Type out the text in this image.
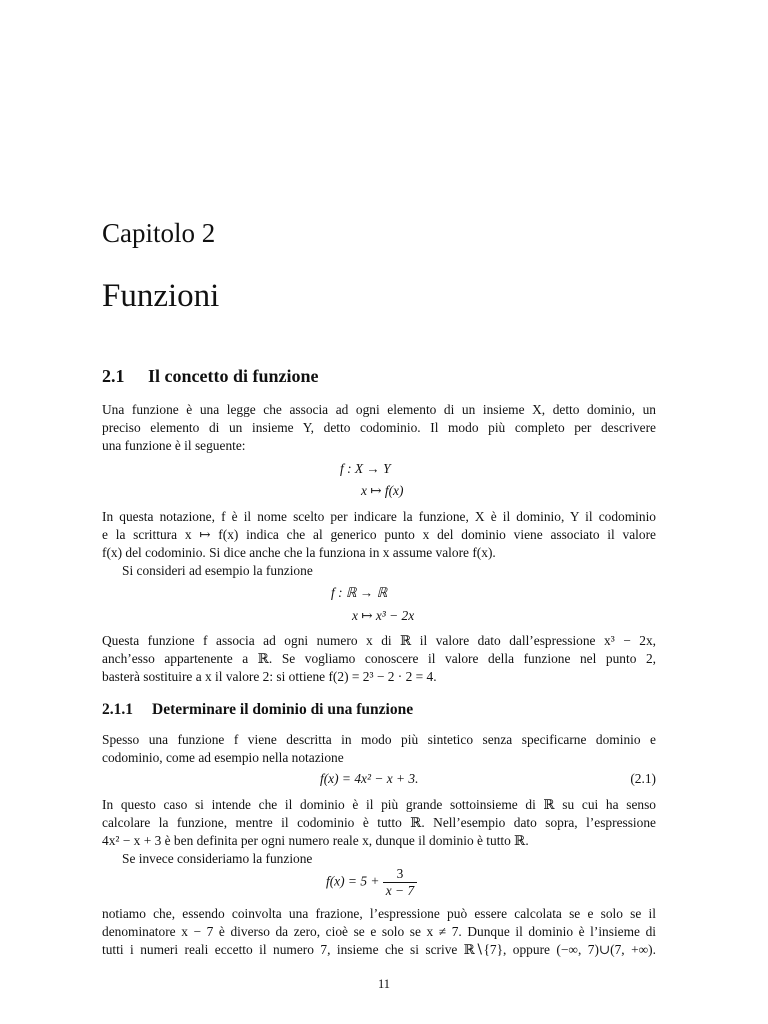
Capitolo 2
Funzioni
2.1 Il concetto di funzione
Una funzione è una legge che associa ad ogni elemento di un insieme X, detto dominio, un
preciso elemento di un insieme Y, detto codominio. Il modo più completo per descrivere
una funzione è il seguente:
f : X → Y
x ↦ f(x)
In questa notazione, f è il nome scelto per indicare la funzione, X è il dominio, Y il codominio
e la scrittura x ↦ f(x) indica che al generico punto x del dominio viene associato il valore
f(x) del codominio. Si dice anche che la funziona in x assume valore f(x).
Si consideri ad esempio la funzione
f : ℝ → ℝ
x ↦ x³ − 2x
Questa funzione f associa ad ogni numero x di ℝ il valore dato dall’espressione x³ − 2x,
anch’esso appartenente a ℝ. Se vogliamo conoscere il valore della funzione nel punto 2,
basterà sostituire a x il valore 2: si ottiene f(2) = 2³ − 2 · 2 = 4.
2.1.1 Determinare il dominio di una funzione
Spesso una funzione f viene descritta in modo più sintetico senza specificarne dominio e
codominio, come ad esempio nella notazione
f(x) = 4x² − x + 3.	(2.1)
In questo caso si intende che il dominio è il più grande sottoinsieme di ℝ su cui ha senso
calcolare la funzione, mentre il codominio è tutto ℝ. Nell’esempio dato sopra, l’espressione
4x² − x + 3 è ben definita per ogni numero reale x, dunque il dominio è tutto ℝ.
Se invece consideriamo la funzione
$f(x) = 5 + \frac{3}{x - 7}$
notiamo che, essendo coinvolta una frazione, l’espressione può essere calcolata se e solo se il
denominatore x − 7 è diverso da zero, cioè se e solo se x ≠ 7. Dunque il dominio è l’insieme di
tutti i numeri reali eccetto il numero 7, insieme che si scrive ℝ∖{7}, oppure (−∞, 7)∪(7, +∞).
11
